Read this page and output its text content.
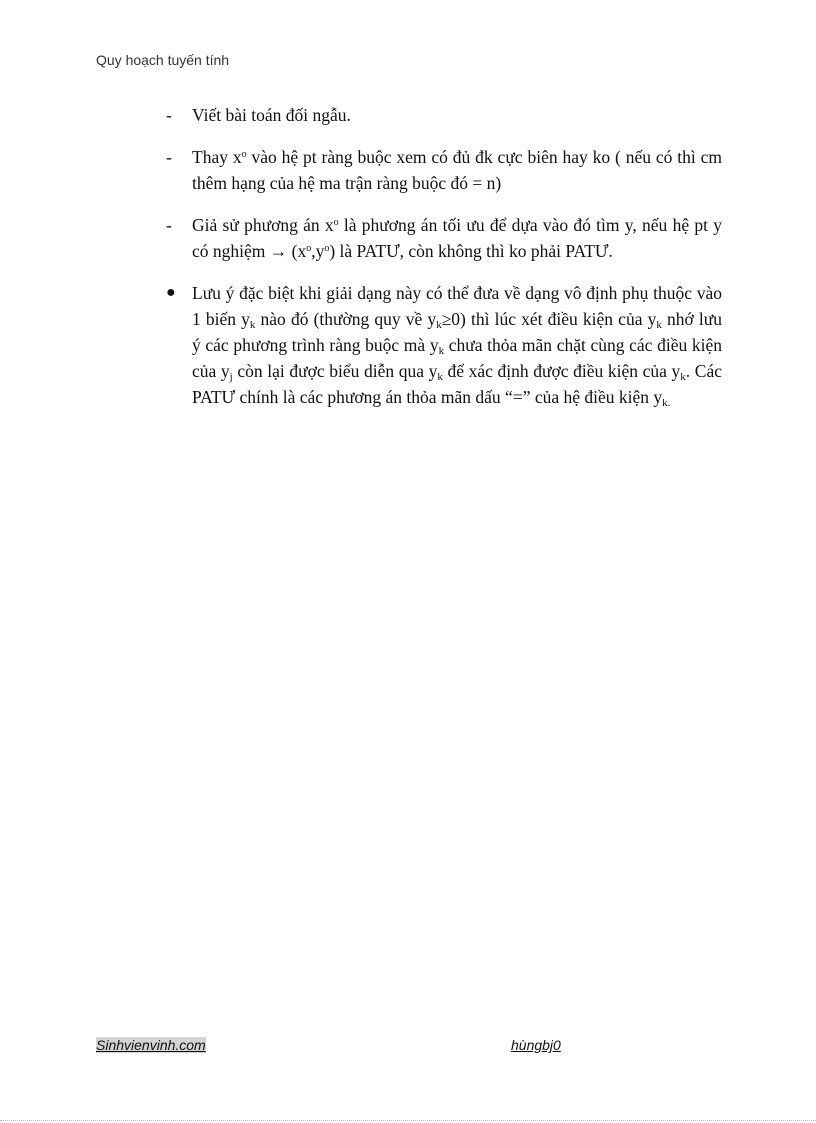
Quy hoạch tuyến tính
-	Viết bài toán đối ngẫu.
-	Thay $x^o$ vào hệ pt ràng buộc xem có đủ đk cực biên hay ko ( nếu có thì cm thêm hạng của hệ ma trận ràng buộc đó = n)
-	Giả sử phương án $x^o$ là phương án tối ưu để dựa vào đó tìm y, nếu hệ pt y có nghiệm → $(x^o,y^o)$ là PATƯ, còn không thì ko phải PATƯ.
● Lưu ý đặc biệt khi giải dạng này có thể đưa về dạng vô định phụ thuộc vào 1 biến $y_k$ nào đó (thường quy về $y_k\ge 0$) thì lúc xét điều kiện của $y_k$ nhớ lưu ý các phương trình ràng buộc mà $y_k$ chưa thỏa mãn chặt cùng các điều kiện của $y_j$ còn lại được biểu diễn qua $y_k$ để xác định được điều kiện của $y_k$. Các PATƯ chính là các phương án thỏa mãn dấu “=” của hệ điều kiện $y_{k.}$
Sinhvienvinh.com	hùngbj0
